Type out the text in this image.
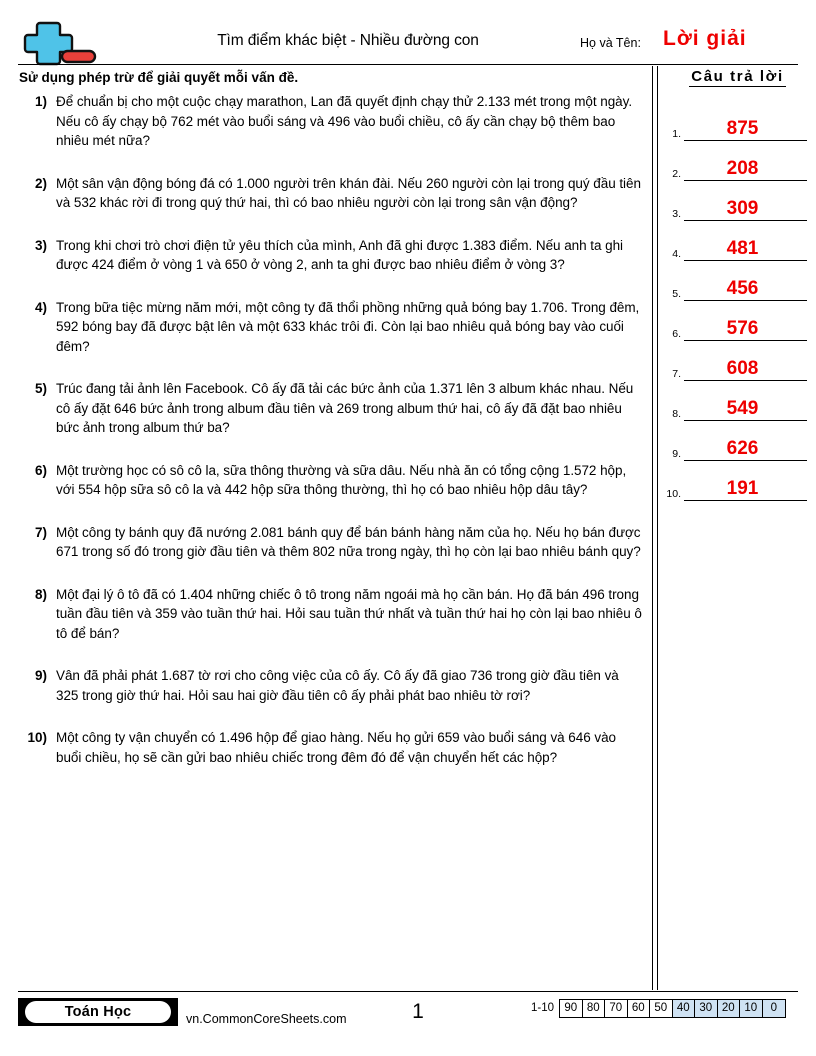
Tìm điểm khác biệt - Nhiều đường con	Họ và Tên: Lời giải
Sử dụng phép trừ để giải quyết mỗi vấn đề.
1) Để chuẩn bị cho một cuộc chạy marathon, Lan đã quyết định chạy thử 2.133 mét trong một ngày. Nếu cô ấy chạy bộ 762 mét vào buổi sáng và 496 vào buổi chiều, cô ấy cần chạy bộ thêm bao nhiêu mét nữa?
2) Một sân vận động bóng đá có 1.000 người trên khán đài. Nếu 260 người còn lại trong quý đầu tiên và 532 khác rời đi trong quý thứ hai, thì có bao nhiêu người còn lại trong sân vận động?
3) Trong khi chơi trò chơi điện tử yêu thích của mình, Anh đã ghi được 1.383 điểm. Nếu anh ta ghi được 424 điểm ở vòng 1 và 650 ở vòng 2, anh ta ghi được bao nhiêu điểm ở vòng 3?
4) Trong bữa tiệc mừng năm mới, một công ty đã thổi phồng những quả bóng bay 1.706. Trong đêm, 592 bóng bay đã được bật lên và một 633 khác trôi đi. Còn lại bao nhiêu quả bóng bay vào cuối đêm?
5) Trúc đang tải ảnh lên Facebook. Cô ấy đã tải các bức ảnh của 1.371 lên 3 album khác nhau. Nếu cô ấy đặt 646 bức ảnh trong album đầu tiên và 269 trong album thứ hai, cô ấy đã đặt bao nhiêu bức ảnh trong album thứ ba?
6) Một trường học có sô cô la, sữa thông thường và sữa dâu. Nếu nhà ăn có tổng cộng 1.572 hộp, với 554 hộp sữa sô cô la và 442 hộp sữa thông thường, thì họ có bao nhiêu hộp dâu tây?
7) Một công ty bánh quy đã nướng 2.081 bánh quy để bán bánh hàng năm của họ. Nếu họ bán được 671 trong số đó trong giờ đầu tiên và thêm 802 nữa trong ngày, thì họ còn lại bao nhiêu bánh quy?
8) Một đại lý ô tô đã có 1.404 những chiếc ô tô trong năm ngoái mà họ cần bán. Họ đã bán 496 trong tuần đầu tiên và 359 vào tuần thứ hai. Hỏi sau tuần thứ nhất và tuần thứ hai họ còn lại bao nhiêu ô tô để bán?
9) Vân đã phải phát 1.687 tờ rơi cho công việc của cô ấy. Cô ấy đã giao 736 trong giờ đầu tiên và 325 trong giờ thứ hai. Hỏi sau hai giờ đầu tiên cô ấy phải phát bao nhiêu tờ rơi?
10) Một công ty vận chuyển có 1.496 hộp để giao hàng. Nếu họ gửi 659 vào buổi sáng và 646 vào buổi chiều, họ sẽ cần gửi bao nhiêu chiếc trong đêm đó để vận chuyển hết các hộp?
Câu trả lời
1.	875
2.	208
3.	309
4.	481
5.	456
6.	576
7.	608
8.	549
9.	626
10.	191
Toán Học	vn.CommonCoreSheets.com	1	1-10 90 80 70 60 50 40 30 20 10	0
